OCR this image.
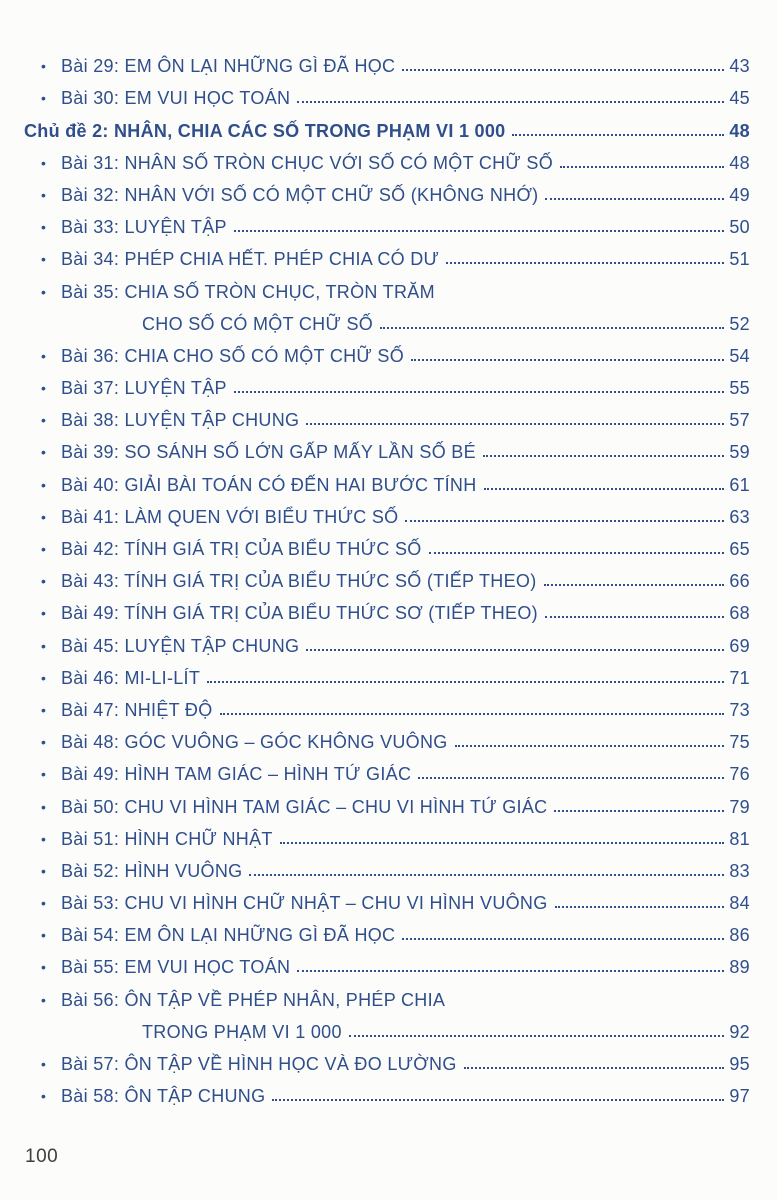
• Bài 29: EM ÔN LẠI NHỮNG GÌ ĐÃ HỌC	43
• Bài 30: EM VUI HỌC TOÁN	45
Chủ đề 2: NHÂN, CHIA CÁC SỐ TRONG PHẠM VI 1 000	48
• Bài 31: NHÂN SỐ TRÒN CHỤC VỚI SỐ CÓ MỘT CHỮ SỐ	48
• Bài 32: NHÂN VỚI SỐ CÓ MỘT CHỮ SỐ (KHÔNG NHỚ)	49
• Bài 33: LUYỆN TẬP	50
• Bài 34: PHÉP CHIA HẾT. PHÉP CHIA CÓ DƯ	51
• Bài 35: CHIA SỐ TRÒN CHỤC, TRÒN TRĂM
CHO SỐ CÓ MỘT CHỮ SỐ	52
• Bài 36: CHIA CHO SỐ CÓ MỘT CHỮ SỐ	54
• Bài 37: LUYỆN TẬP	55
• Bài 38: LUYỆN TẬP CHUNG	57
• Bài 39: SO SÁNH SỐ LỚN GẤP MẤY LẦN SỐ BÉ	59
• Bài 40: GIẢI BÀI TOÁN CÓ ĐẾN HAI BƯỚC TÍNH	61
• Bài 41: LÀM QUEN VỚI BIỂU THỨC SỐ	63
• Bài 42: TÍNH GIÁ TRỊ CỦA BIỂU THỨC SỐ	65
• Bài 43: TÍNH GIÁ TRỊ CỦA BIỂU THỨC SỐ (TIẾP THEO)	66
• Bài 49: TÍNH GIÁ TRỊ CỦA BIỂU THỨC SƠ (TIẾP THEO)	68
• Bài 45: LUYỆN TẬP CHUNG	69
• Bài 46: MI-LI-LÍT	71
• Bài 47: NHIỆT ĐỘ	73
• Bài 48: GÓC VUÔNG – GÓC KHÔNG VUÔNG	75
• Bài 49: HÌNH TAM GIÁC – HÌNH TỨ GIÁC	76
• Bài 50: CHU VI HÌNH TAM GIÁC – CHU VI HÌNH TỨ GIÁC	79
• Bài 51: HÌNH CHỮ NHẬT	81
• Bài 52: HÌNH VUÔNG	83
• Bài 53: CHU VI HÌNH CHỮ NHẬT – CHU VI HÌNH VUÔNG	84
• Bài 54: EM ÔN LẠI NHỮNG GÌ ĐÃ HỌC	86
• Bài 55: EM VUI HỌC TOÁN	89
• Bài 56: ÔN TẬP VỀ PHÉP NHÂN, PHÉP CHIA
TRONG PHẠM VI 1 000	92
• Bài 57: ÔN TẬP VỀ HÌNH HỌC VÀ ĐO LƯỜNG	95
• Bài 58: ÔN TẬP CHUNG	97
100
